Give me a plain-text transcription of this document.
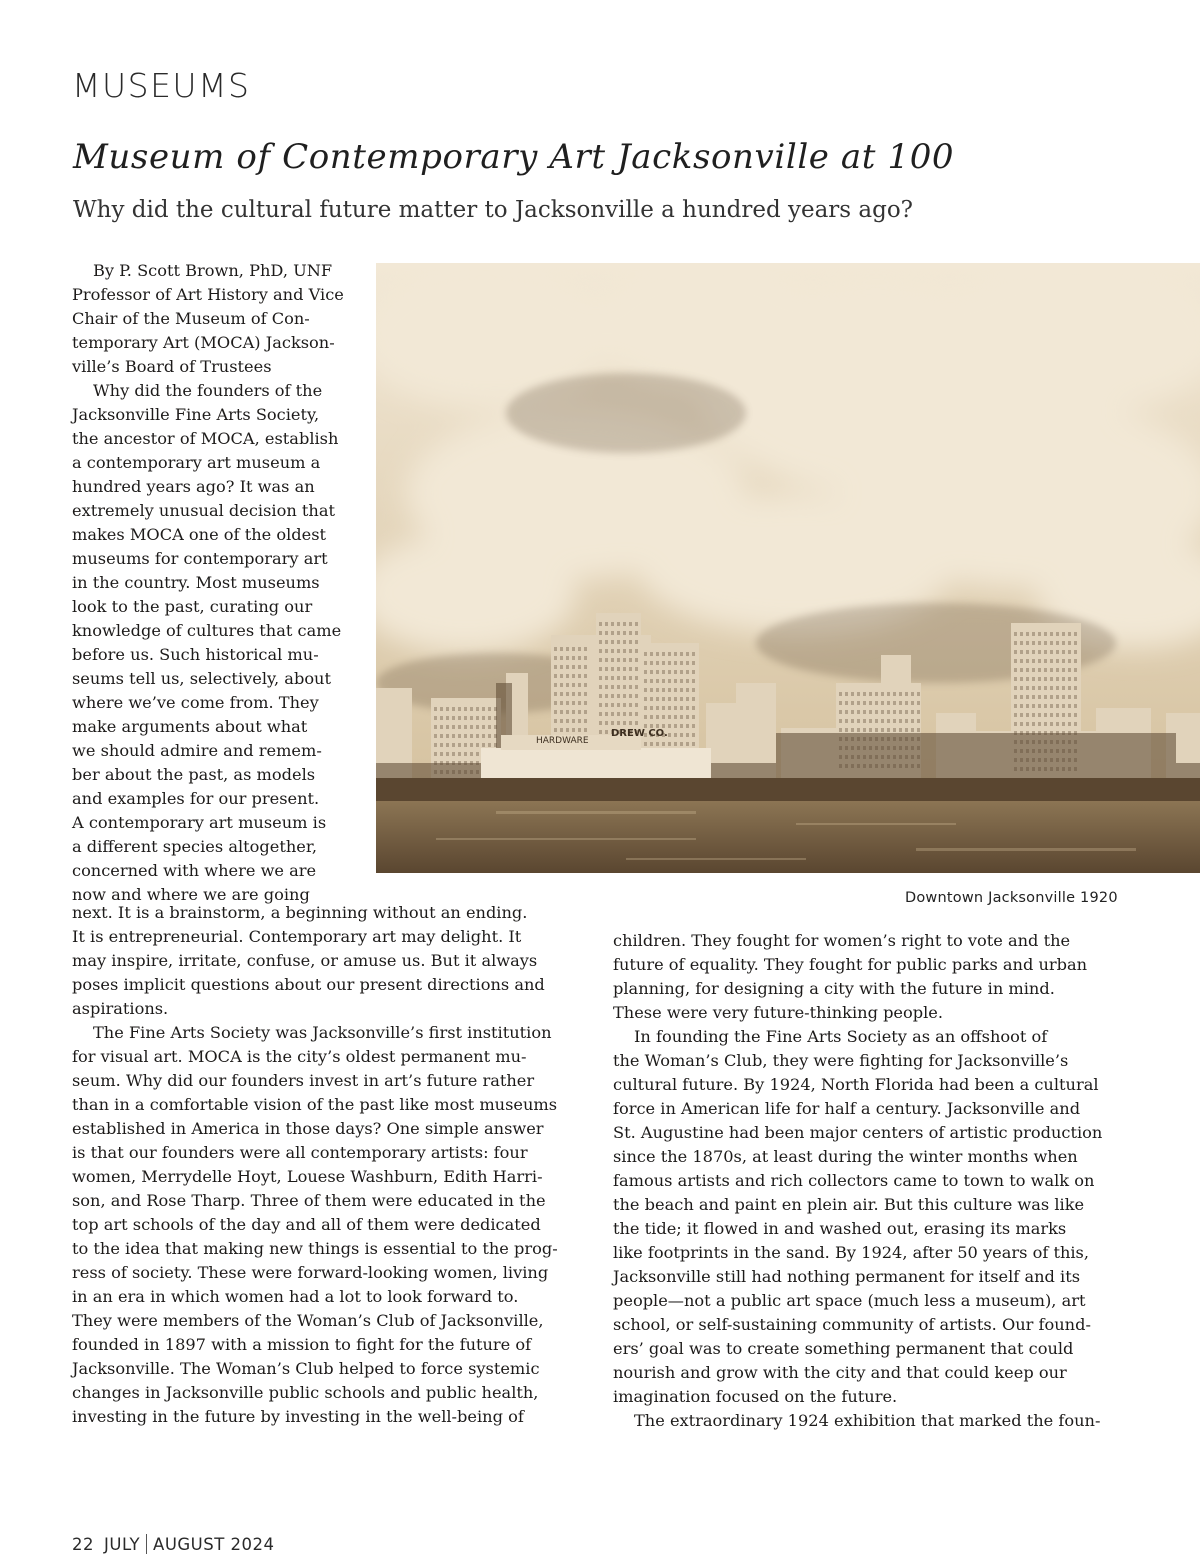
MUSEUMS
Museum of Contemporary Art Jacksonville at 100
Why did the cultural future matter to Jacksonville a hundred years ago?
By P. Scott Brown, PhD, UNF
Professor of Art History and Vice
Chair of the Museum of Con-
temporary Art (MOCA) Jackson-
ville’s Board of Trustees
Why did the founders of the
Jacksonville Fine Arts Society,
the ancestor of MOCA, establish
a contemporary art museum a
hundred years ago? It was an
extremely unusual decision that
makes MOCA one of the oldest
museums for contemporary art
in the country. Most museums
look to the past, curating our
knowledge of cultures that came
before us. Such historical mu-
seums tell us, selectively, about
where we’ve come from. They
make arguments about what
we should admire and remem-
ber about the past, as models
and examples for our present.
A contemporary art museum is
a different species altogether,
concerned with where we are
now and where we are going
HARDWARE
DREW CO.
Downtown Jacksonville 1920
next. It is a brainstorm, a beginning without an ending.
It is entrepreneurial. Contemporary art may delight. It
may inspire, irritate, confuse, or amuse us. But it always
poses implicit questions about our present directions and
aspirations.
The Fine Arts Society was Jacksonville’s first institution
for visual art. MOCA is the city’s oldest permanent mu-
seum. Why did our founders invest in art’s future rather
than in a comfortable vision of the past like most museums
established in America in those days? One simple answer
is that our founders were all contemporary artists: four
women, Merrydelle Hoyt, Louese Washburn, Edith Harri-
son, and Rose Tharp. Three of them were educated in the
top art schools of the day and all of them were dedicated
to the idea that making new things is essential to the prog-
ress of society. These were forward-looking women, living
in an era in which women had a lot to look forward to.
They were members of the Woman’s Club of Jacksonville,
founded in 1897 with a mission to fight for the future of
Jacksonville. The Woman’s Club helped to force systemic
changes in Jacksonville public schools and public health,
investing in the future by investing in the well-being of
children. They fought for women’s right to vote and the
future of equality. They fought for public parks and urban
planning, for designing a city with the future in mind.
These were very future-thinking people.
In founding the Fine Arts Society as an offshoot of
the Woman’s Club, they were fighting for Jacksonville’s
cultural future. By 1924, North Florida had been a cultural
force in American life for half a century. Jacksonville and
St. Augustine had been major centers of artistic production
since the 1870s, at least during the winter months when
famous artists and rich collectors came to town to walk on
the beach and paint en plein air. But this culture was like
the tide; it flowed in and washed out, erasing its marks
like footprints in the sand. By 1924, after 50 years of this,
Jacksonville still had nothing permanent for itself and its
people—not a public art space (much less a museum), art
school, or self-sustaining community of artists. Our found-
ers’ goal was to create something permanent that could
nourish and grow with the city and that could keep our
imagination focused on the future.
The extraordinary 1924 exhibition that marked the foun-
22 JULY AUGUST 2024
